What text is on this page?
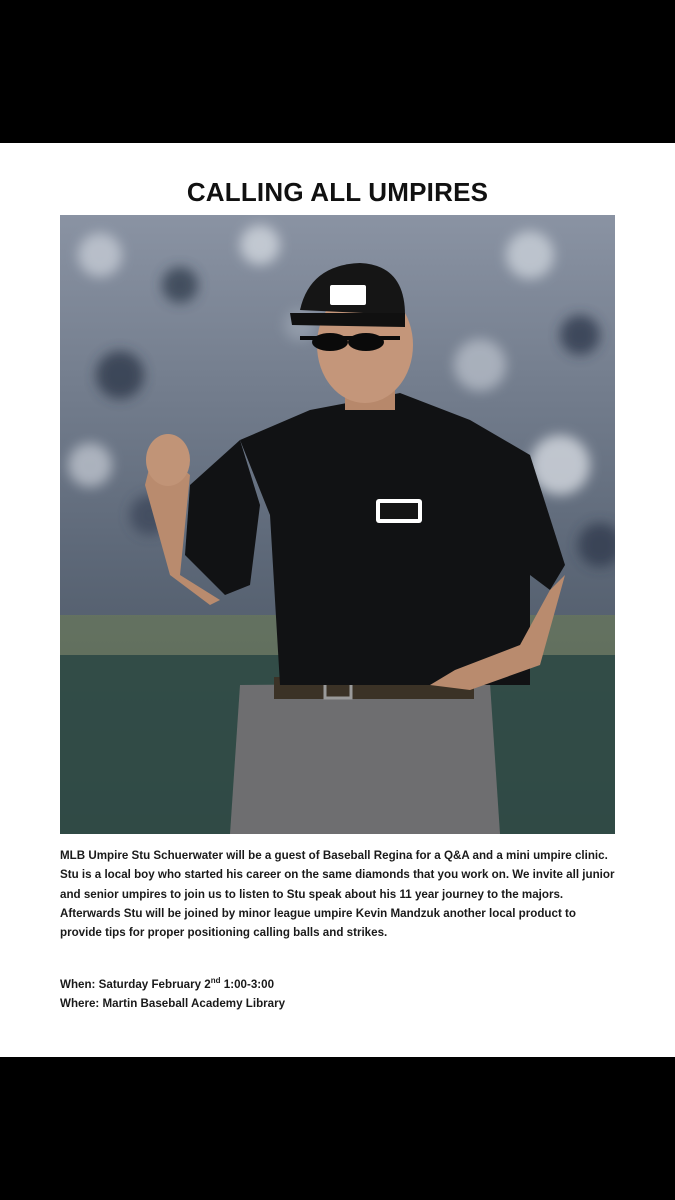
CALLING ALL UMPIRES

MLB Umpire Stu Schuerwater will be a guest of Baseball Regina for a Q&A and a mini umpire clinic. Stu is a local boy who started his career on the same diamonds that you work on. We invite all junior and senior umpires to join us to listen to Stu speak about his 11 year journey to the majors. Afterwards Stu will be joined by minor league umpire Kevin Mandzuk another local product to provide tips for proper positioning calling balls and strikes.

When: Saturday February 2nd 1:00-3:00
Where: Martin Baseball Academy Library
